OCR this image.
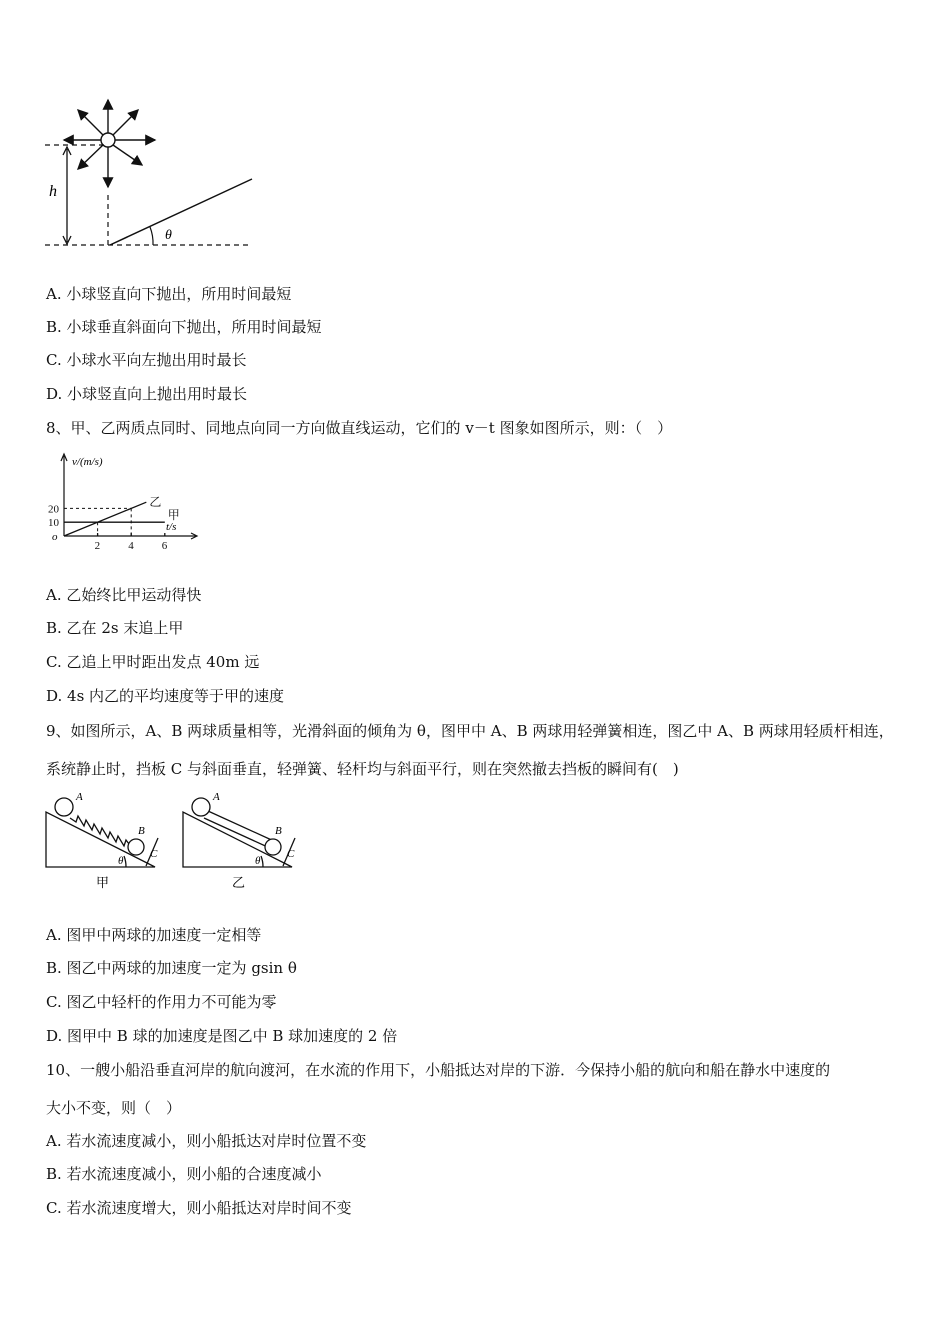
h
θ
A. 小球竖直向下抛出，所用时间最短
B. 小球垂直斜面向下抛出，所用时间最短
C. 小球水平向左抛出用时最长
D. 小球竖直向上抛出用时最长
8、甲、乙两质点同时、同地点向同一方向做直线运动，它们的 v－t 图象如图所示，则：（　）
甲
乙
2	4	6
10
20
v/(m/s)
t/s
o
A. 乙始终比甲运动得快
B. 乙在 2s 末追上甲
C. 乙追上甲时距出发点 40m 远
D. 4s 内乙的平均速度等于甲的速度
9、如图所示，A、B 两球质量相等，光滑斜面的倾角为 θ，图甲中 A、B 两球用轻弹簧相连，图乙中 A、B 两球用轻质杆相连，
系统静止时，挡板 C 与斜面垂直，轻弹簧、轻杆均与斜面平行，则在突然撤去挡板的瞬间有(　)
A
B
C
θ
甲
A
B
C
θ
乙
A. 图甲中两球的加速度一定相等
B. 图乙中两球的加速度一定为 gsin θ
C. 图乙中轻杆的作用力不可能为零
D. 图甲中 B 球的加速度是图乙中 B 球加速度的 2 倍
10、一艘小船沿垂直河岸的航向渡河，在水流的作用下，小船抵达对岸的下游．今保持小船的航向和船在静水中速度的
大小不变，则（　）
A. 若水流速度减小，则小船抵达对岸时位置不变
B. 若水流速度减小，则小船的合速度减小
C. 若水流速度增大，则小船抵达对岸时间不变
